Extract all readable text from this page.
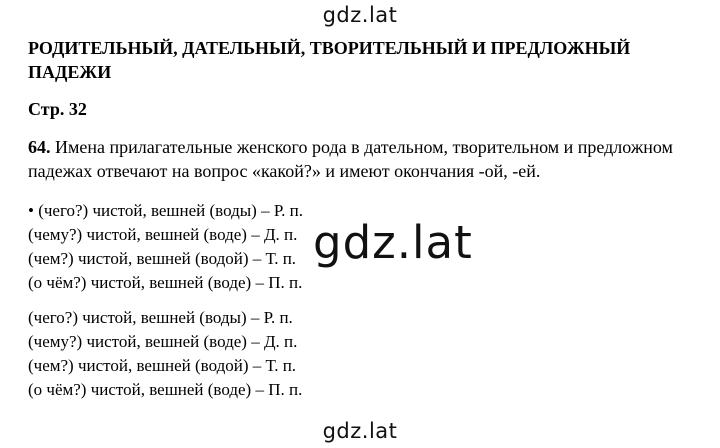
gdz.lat
РОДИТЕЛЬНЫЙ, ДАТЕЛЬНЫЙ, ТВОРИТЕЛЬНЫЙ И ПРЕДЛОЖНЫЙ ПАДЕЖИ

Стр. 32

64. Имена прилагательные женского рода в дательном, творительном и предложном падежах отвечают на вопрос «какой?» и имеют окончания -ой, -ей.

• (чего?) чистой, вешней (воды) – Р. п.
(чему?) чистой, вешней (воде) – Д. п.
(чем?) чистой, вешней (водой) – Т. п.
(о чём?) чистой, вешней (воде) – П. п.
gdz.lat
(чего?) чистой, вешней (воды) – Р. п.
(чему?) чистой, вешней (воде) – Д. п.
(чем?) чистой, вешней (водой) – Т. п.
(о чём?) чистой, вешней (воде) – П. п.
gdz.lat
